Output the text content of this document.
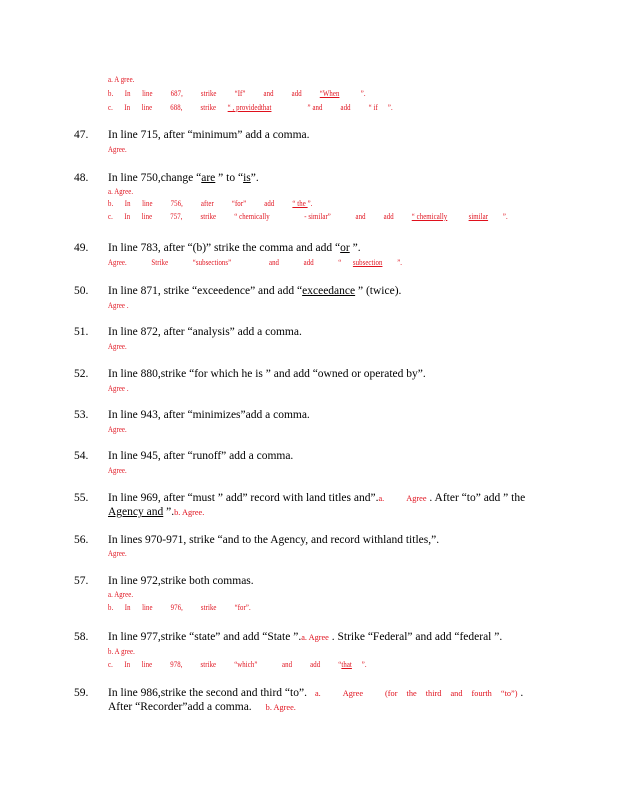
a. A gree.
b. In line 687, strike “If” and add “When	”.
c. In line 688, strike “ , providedthat	” and add “ if ”.
47. In line 715, after “minimum” add a comma.
Agree.
48. In line 750,change “are ” to “is”.
a. Agree.
b. In line 756, after “for” add “ the ”.
c. In line 757, strike “ chemically	- similar”	and add “ chemically	similar ”.
49. In line 783, after “(b)” strike the comma and add “or ”.
Agree.	Strike	“subsections”	and	add	“ subsection ”.
50. In line 871, strike “exceedence” and add “exceedance ” (twice).
Agree .
51. In line 872, after “analysis” add a comma.
Agree.
52. In line 880,strike “for which he is ” and add “owned or operated by”.
Agree .
53. In line 943, after “minimizes”add a comma.
Agree.
54. In line 945, after “runoff” add a comma.
Agree.
55. In line 969, after “must ” add” record with land titles and”.a.	Agree . After “to” add ” the
Agency and ”.b. Agree.
56. In lines 970-971, strike “and to the Agency, and record withland titles,”.
Agree.
57. In line 972,strike both commas.
a. Agree.
b. In line 976, strike “for”.
58. In line 977,strike “state” and add “State ”.a. Agree . Strike “Federal” and add “federal ”.
b. A gree.
c. In line 978, strike “which”	and add “that ”.
59. In line 986,strike the second and third “to”. a.	Agree	(for the third and fourth “to”) .
After “Recorder”add a comma. b. Agree.
